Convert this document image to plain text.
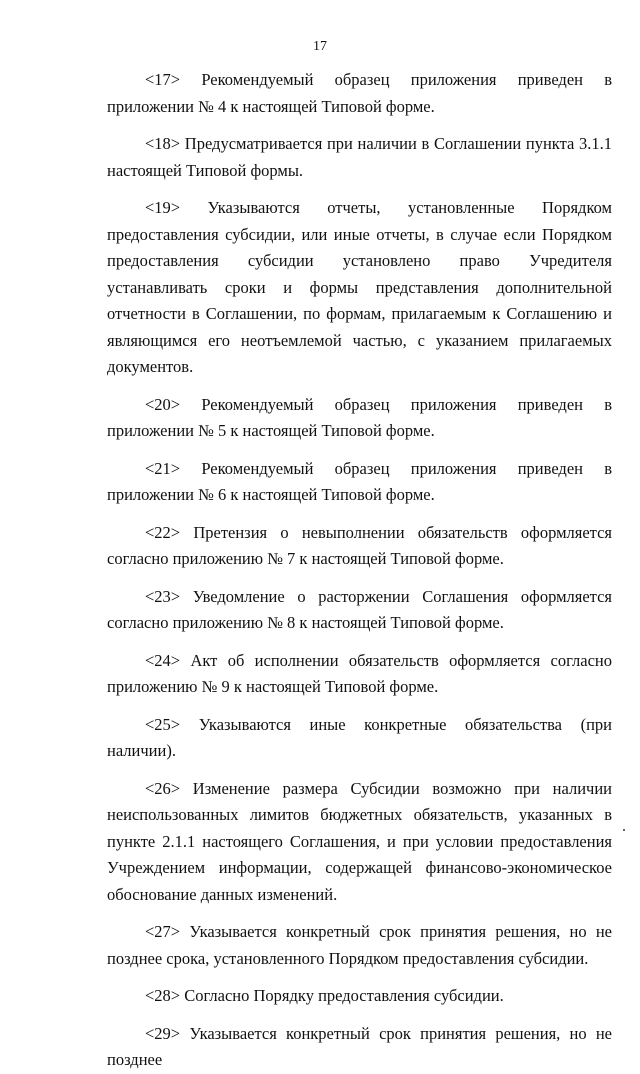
17

<17> Рекомендуемый образец приложения приведен в приложении № 4 к настоящей Типовой форме.

<18> Предусматривается при наличии в Соглашении пункта 3.1.1 настоящей Типовой формы.

<19> Указываются отчеты, установленные Порядком предоставления субсидии, или иные отчеты, в случае если Порядком предоставления субсидии установлено право Учредителя устанавливать сроки и формы представления дополнительной отчетности в Соглашении, по формам, прилагаемым к Соглашению и являющимся его неотъемлемой частью, с указанием прилагаемых документов.

<20> Рекомендуемый образец приложения приведен в приложении № 5 к настоящей Типовой форме.

<21> Рекомендуемый образец приложения приведен в приложении № 6 к настоящей Типовой форме.

<22> Претензия о невыполнении обязательств оформляется согласно приложению № 7 к настоящей Типовой форме.

<23> Уведомление о расторжении Соглашения оформляется согласно приложению № 8 к настоящей Типовой форме.

<24> Акт об исполнении обязательств оформляется согласно приложению № 9 к настоящей Типовой форме.

<25> Указываются иные конкретные обязательства (при наличии).

<26> Изменение размера Субсидии возможно при наличии неиспользованных лимитов бюджетных обязательств, указанных в пункте 2.1.1 настоящего Соглашения, и при условии предоставления Учреждением информации, содержащей финансово-экономическое обоснование данных изменений.

<27> Указывается конкретный срок принятия решения, но не позднее срока, установленного Порядком предоставления субсидии.

<28> Согласно Порядку предоставления субсидии.

<29> Указывается конкретный срок принятия решения, но не позднее
